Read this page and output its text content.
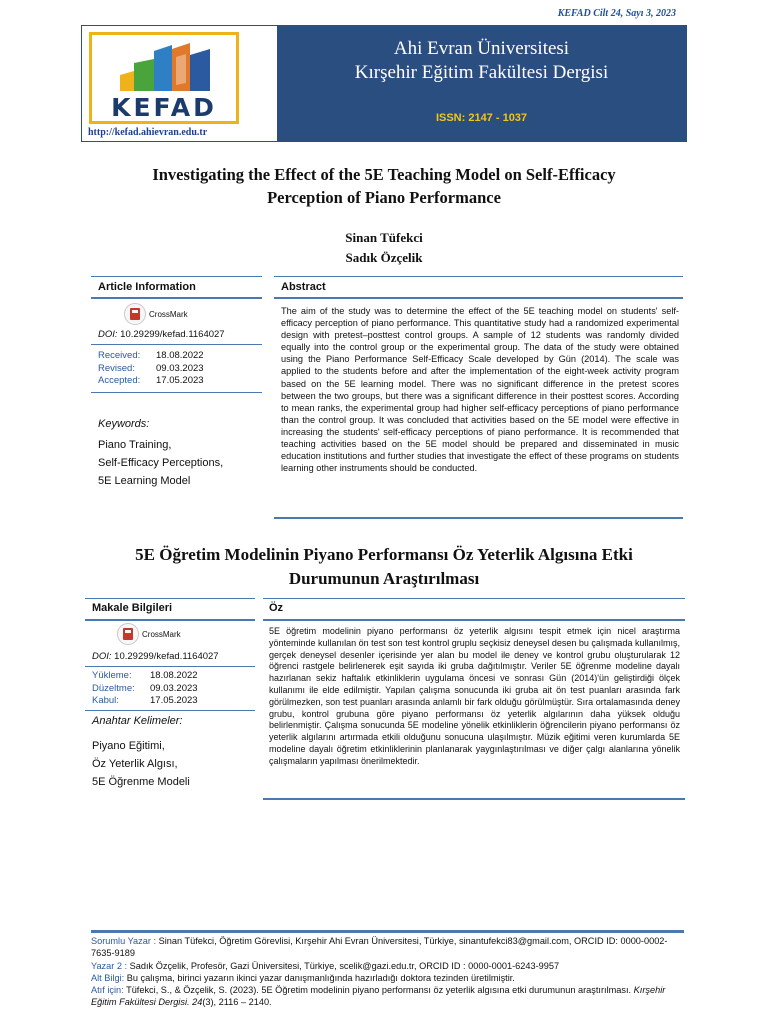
KEFAD Cilt 24, Sayı 3, 2023
KEFAD
http://kefad.ahievran.edu.tr
Ahi Evran Üniversitesi
Kırşehir Eğitim Fakültesi Dergisi
ISSN: 2147 - 1037
Investigating the Effect of the 5E Teaching Model on Self-Efficacy
Perception of Piano Performance
Sinan Tüfekci
Sadık Özçelik
Article Information	Abstract
CrossMark
DOI: 10.29299/kefad.1164027
Received:	18.08.2022
Revised:	09.03.2023
Accepted:	17.05.2023
Keywords:
Piano Training,
Self-Efficacy Perceptions,
5E Learning Model
The aim of the study was to determine the effect of the 5E teaching model on students' self-efficacy perception of piano performance. This quantitative study had a randomized experimental design with pretest–posttest control groups. A sample of 12 students was randomly divided equally into the control group or the experimental group. The data of the study were obtained using the Piano Performance Self-Efficacy Scale developed by Gün (2014). The scale was applied to the students before and after the implementation of the eight-week activity program based on the 5E learning model. There was no significant difference in the pretest scores between the two groups, but there was a significant difference in their posttest scores. According to mean ranks, the experimental group had higher self-efficacy perceptions of piano performance than the control group. It was concluded that activities based on the 5E model were effective in increasing the students' self-efficacy perceptions of piano performance. It is recommended that teaching activities based on the 5E model should be prepared and disseminated in music education institutions and further studies that investigate the effect of these programs on students learning other instruments should be conducted.
5E Öğretim Modelinin Piyano Performansı Öz Yeterlik Algısına Etki
Durumunun Araştırılması
Makale Bilgileri	Öz
CrossMark
DOI: 10.29299/kefad.1164027
Yükleme:	18.08.2022
Düzeltme:	09.03.2023
Kabul:	17.05.2023
Anahtar Kelimeler:
Piyano Eğitimi,
Öz Yeterlik Algısı,
5E Öğrenme Modeli
5E öğretim modelinin piyano performansı öz yeterlik algısını tespit etmek için nicel araştırma yönteminde kullanılan ön test son test kontrol gruplu seçkisiz deneysel desen bu çalışmada kullanılmış, gerçek deneysel desenler içerisinde yer alan bu model ile deney ve kontrol grubu oluşturularak 12 öğrenci rastgele belirlenerek eşit sayıda iki gruba dağıtılmıştır. Veriler 5E öğrenme modeline dayalı hazırlanan sekiz haftalık etkinliklerin uygulama öncesi ve sonrası Gün (2014)'ün geliştirdiği ölçek kullanımı ile elde edilmiştir. Yapılan çalışma sonucunda iki gruba ait ön test puanları arasında fark görülmezken, son test puanları arasında anlamlı bir fark olduğu görülmüştür. Sıra ortalamasında deney grubu, kontrol grubuna göre piyano performansı öz yeterlik algılarının daha yüksek olduğu belirlenmiştir. Çalışma sonucunda 5E modeline yönelik etkinliklerin öğrencilerin piyano performansı öz yeterlik algılarını artırmada etkili olduğunu sonucuna ulaşılmıştır. Müzik eğitimi veren kurumlarda 5E modeline dayalı öğretim etkinliklerinin planlanarak yaygınlaştırılması ve diğer çalgı alanlarına yönelik çalışmaların yapılması önerilmektedir.

Sorumlu Yazar : Sinan Tüfekci, Öğretim Görevlisi, Kırşehir Ahi Evran Üniversitesi, Türkiye, sinantufekci83@gmail.com, ORCID ID: 0000-0002-7635-9189

Yazar 2 : Sadık Özçelik, Profesör, Gazi Üniversitesi, Türkiye, scelik@gazi.edu.tr, ORCID ID : 0000-0001-6243-9957

Alt Bilgi: Bu çalışma, birinci yazarın ikinci yazar danışmanlığında hazırladığı doktora tezinden üretilmiştir.

Atıf için: Tüfekci, S., & Özçelik, S. (2023). 5E Öğretim modelinin piyano performansı öz yeterlik algısına etki durumunun araştırılması. Kırşehir Eğitim Fakültesi Dergisi. 24(3), 2116 – 2140.
